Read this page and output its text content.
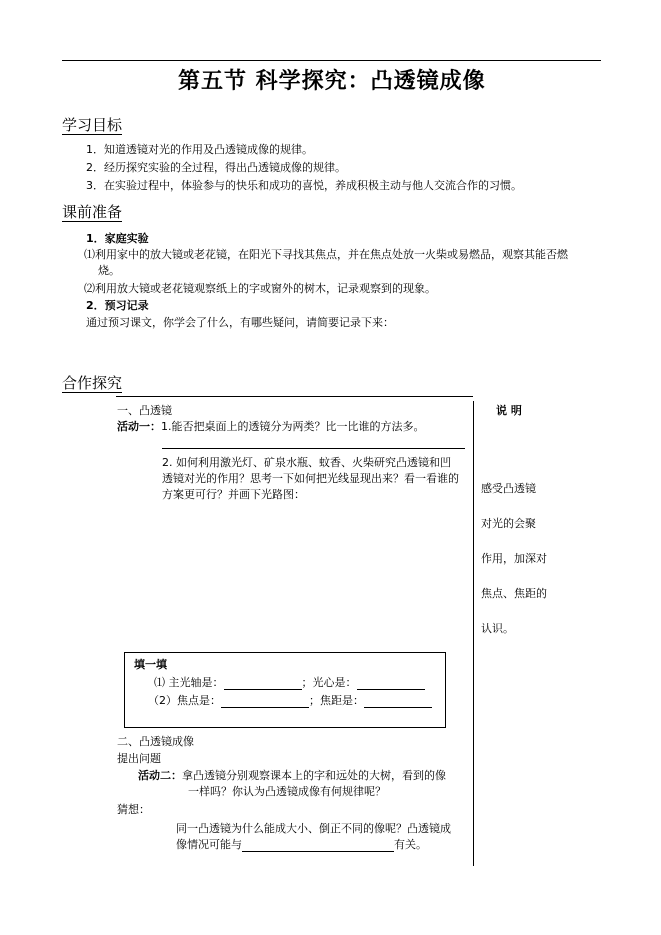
第五节 科学探究：凸透镜成像
学习目标
1．知道透镜对光的作用及凸透镜成像的规律。
2．经历探究实验的全过程，得出凸透镜成像的规律。
3．在实验过程中，体验参与的快乐和成功的喜悦，养成积极主动与他人交流合作的习惯。
课前准备
1．家庭实验
⑴利用家中的放大镜或老花镜，在阳光下寻找其焦点，并在焦点处放一火柴或易燃品，观察其能否燃
烧。
⑵利用放大镜或老花镜观察纸上的字或窗外的树木，记录观察到的现象。
2．预习记录
通过预习课文，你学会了什么，有哪些疑问，请简要记录下来：
合作探究
说 明
一、凸透镜
活动一：1.能否把桌面上的透镜分为两类？比一比谁的方法多。
2. 如何利用激光灯、矿泉水瓶、蚊香、火柴研究凸透镜和凹
透镜对光的作用？思考一下如何把光线显现出来？看一看谁的
方案更可行？并画下光路图：	感受凸透镜
对光的会聚
作用，加深对
焦点、焦距的
认识。
填一填
⑴ 主光轴是：	；光心是：
（2）焦点是：	；焦距是：
二、凸透镜成像
提出问题
活动二：拿凸透镜分别观察课本上的字和远处的大树，看到的像
一样吗？你认为凸透镜成像有何规律呢？
猜想：
同一凸透镜为什么能成大小、倒正不同的像呢？凸透镜成
像情况可能与	有关。
